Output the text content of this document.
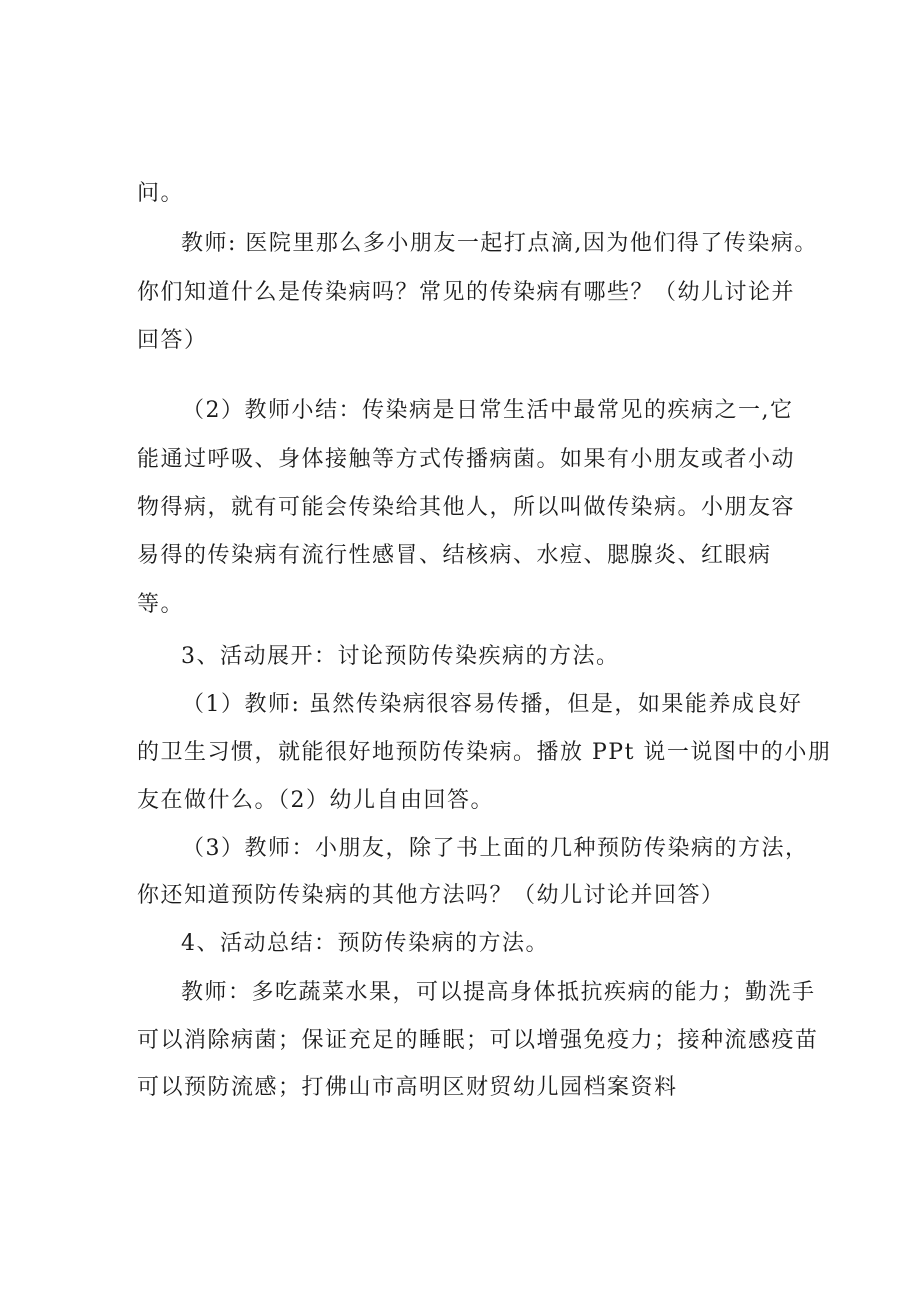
问。
教师: 医院里那么多小朋友一起打点滴,因为他们得了传染病。
你们知道什么是传染病吗？常见的传染病有哪些？（幼儿讨论并
回答）
（2）教师小结：传染病是日常生活中最常见的疾病之一,它
能通过呼吸、身体接触等方式传播病菌。如果有小朋友或者小动
物得病，就有可能会传染给其他人，所以叫做传染病。小朋友容
易得的传染病有流行性感冒、结核病、水痘、腮腺炎、红眼病
等。
3、活动展开：讨论预防传染疾病的方法。
（1）教师: 虽然传染病很容易传播，但是，如果能养成良好
的卫生习惯，就能很好地预防传染病。播放 PPt 说一说图中的小朋
友在做什么。（2）幼儿自由回答。
（3）教师：小朋友，除了书上面的几种预防传染病的方法，
你还知道预防传染病的其他方法吗？（幼儿讨论并回答）
4、活动总结：预防传染病的方法。
教师：多吃蔬菜水果，可以提高身体抵抗疾病的能力；勤洗手
可以消除病菌；保证充足的睡眠；可以增强免疫力；接种流感疫苗
可以预防流感；打佛山市高明区财贸幼儿园档案资料
